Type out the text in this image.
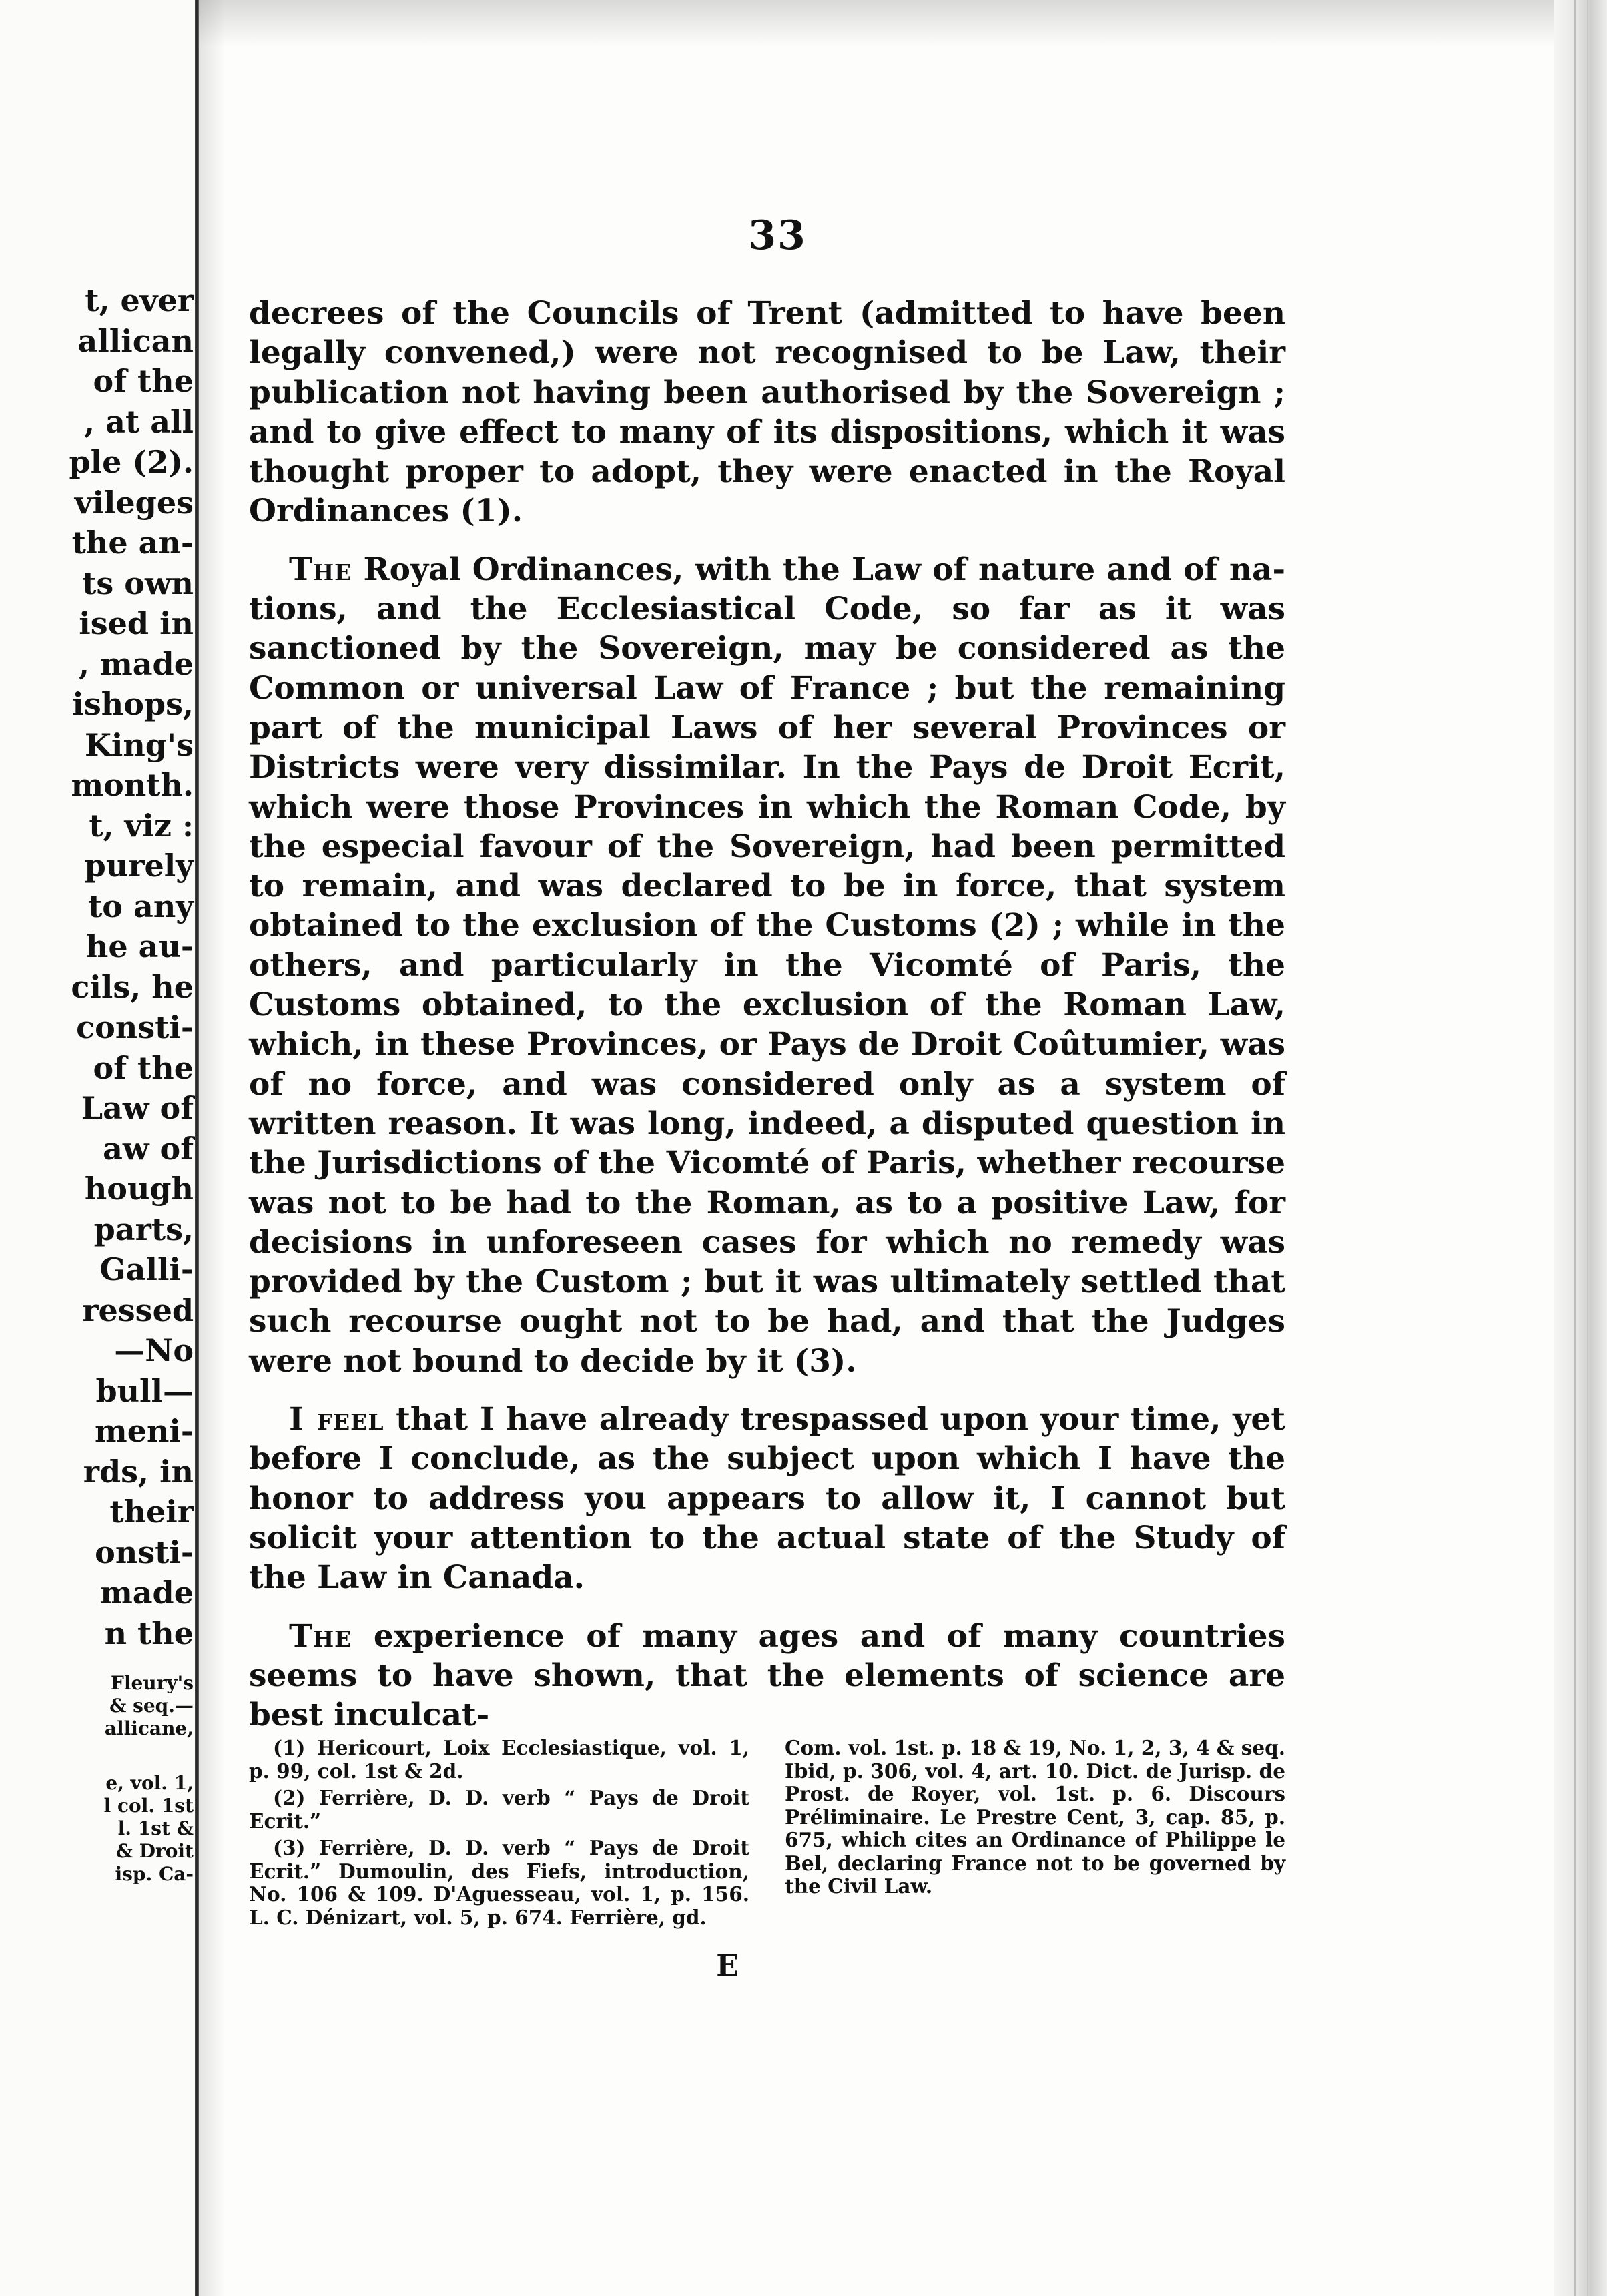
t, ever
allican
of the
, at all
ple (2).
vileges
the an-
ts own
ised in
, made
ishops,
King's
month.
t, viz :
purely
to any
he au-
cils, he
consti-
of the
Law of
aw of
hough
parts,
Galli-
ressed
—No
bull—
meni-
rds, in
their
onsti-
made
n the
Fleury's
& seq.—
allicane,
e, vol. 1,
l col. 1st
l. 1st &
& Droit
isp. Ca-
33

decrees of the Councils of Trent (admitted to have been legally convened,) were not recognised to be Law, their publication not having been authorised by the Sovereign ; and to give effect to many of its dispositions, which it was thought proper to adopt, they were enacted in the Royal Ordinances (1).

The Royal Ordinances, with the Law of nature and of nations, and the Ecclesiastical Code, so far as it was sanctioned by the Sovereign, may be considered as the Common or universal Law of France ; but the remaining part of the municipal Laws of her several Provinces or Districts were very dissimilar. In the Pays de Droit Ecrit, which were those Provinces in which the Roman Code, by the especial favour of the Sovereign, had been permitted to remain, and was declared to be in force, that system obtained to the exclusion of the Customs (2) ; while in the others, and particularly in the Vicomté of Paris, the Customs obtained, to the exclusion of the Roman Law, which, in these Provinces, or Pays de Droit Coûtumier, was of no force, and was considered only as a system of written reason. It was long, indeed, a disputed question in the Jurisdictions of the Vicomté of Paris, whether recourse was not to be had to the Roman, as to a positive Law, for decisions in unforeseen cases for which no remedy was provided by the Custom ; but it was ultimately settled that such recourse ought not to be had, and that the Judges were not bound to decide by it (3).

I feel that I have already trespassed upon your time, yet before I conclude, as the subject upon which I have the honor to address you appears to allow it, I cannot but solicit your attention to the actual state of the Study of the Law in Canada.

The experience of many ages and of many countries seems to have shown, that the elements of science are best inculcat-

(1) Hericourt, Loix Ecclesiastique, vol. 1, p. 99, col. 1st & 2d.

(2) Ferrière, D. D. verb “ Pays de Droit Ecrit.”

(3) Ferrière, D. D. verb “ Pays de Droit Ecrit.” Dumoulin, des Fiefs, introduction, No. 106 & 109. D'Aguesseau, vol. 1, p. 156. L. C. Dénizart, vol. 5, p. 674. Ferrière, gd.

Com. vol. 1st. p. 18 & 19, No. 1, 2, 3, 4 & seq. Ibid, p. 306, vol. 4, art. 10. Dict. de Jurisp. de Prost. de Royer, vol. 1st. p. 6. Discours Préliminaire. Le Prestre Cent, 3, cap. 85, p. 675, which cites an Ordinance of Philippe le Bel, declaring France not to be governed by the Civil Law.

E
